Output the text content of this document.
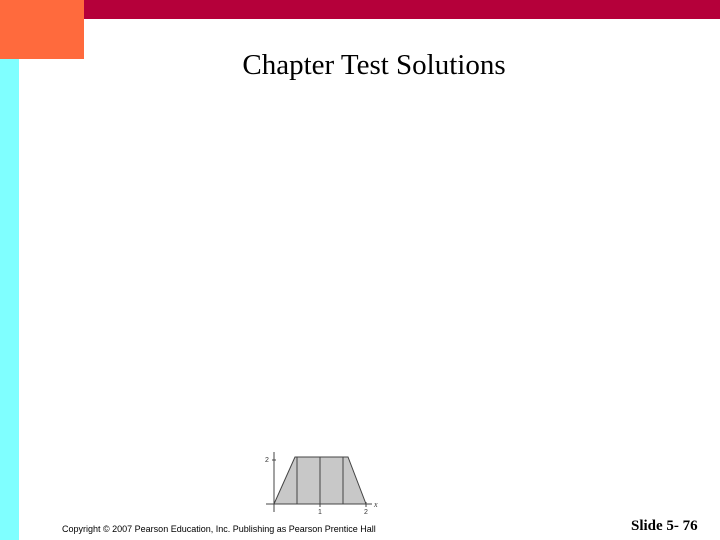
Chapter Test Solutions
2
1	2
x
Copyright © 2007 Pearson Education, Inc. Publishing as Pearson Prentice Hall	Slide 5- 76
